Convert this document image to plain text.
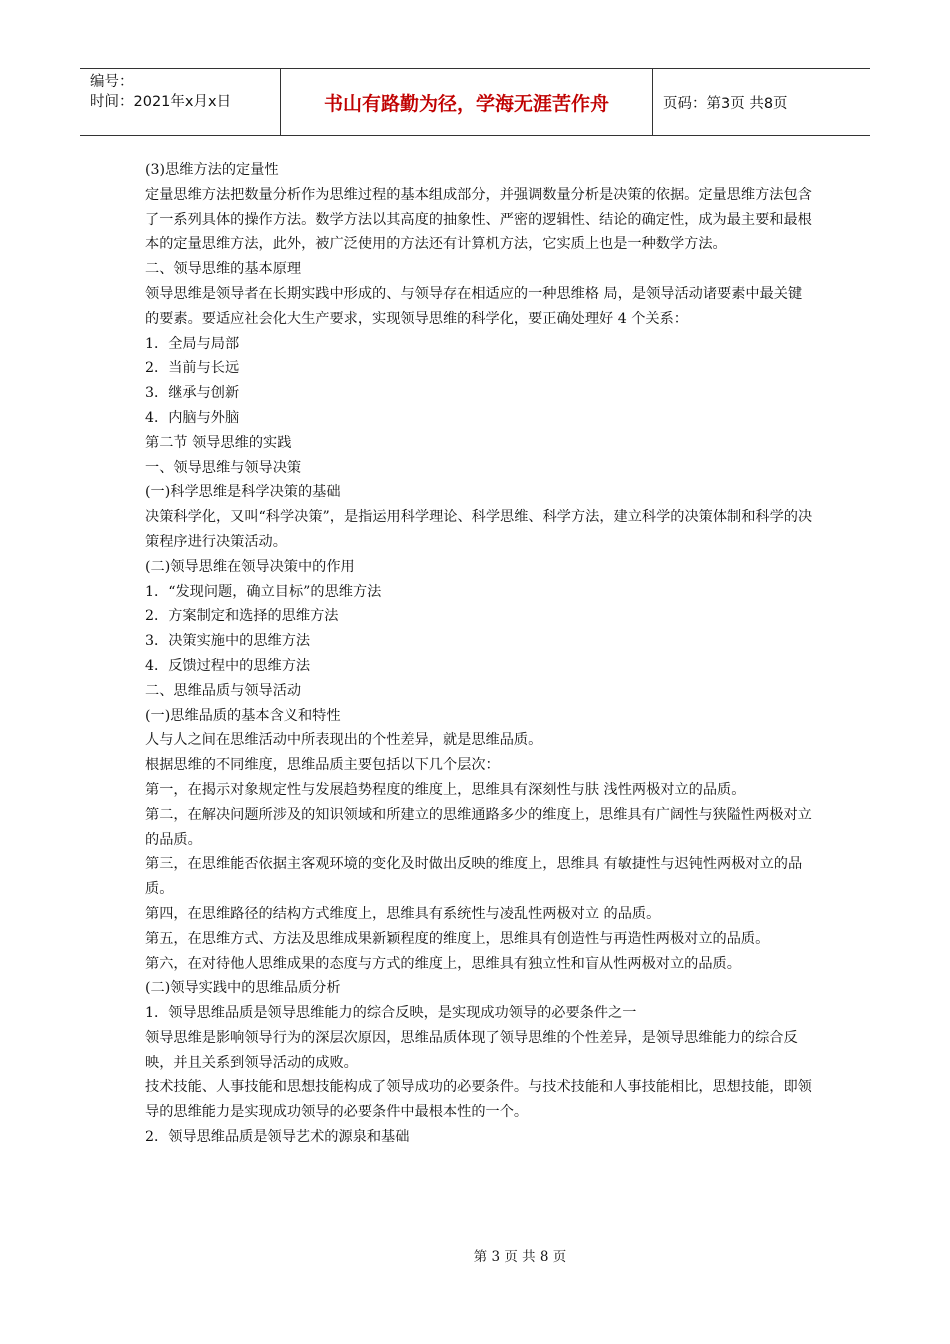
编号：
时间：2021年x月x日	书山有路勤为径，学海无涯苦作舟	页码：第3页 共8页

(3)思维方法的定量性

定量思维方法把数量分析作为思维过程的基本组成部分，并强调数量分析是决策的依据。定量思维方法包含了一系列具体的操作方法。数学方法以其高度的抽象性、严密的逻辑性、结论的确定性，成为最主要和最根本的定量思维方法，此外，被广泛使用的方法还有计算机方法，它实质上也是一种数学方法。

二、领导思维的基本原理

领导思维是领导者在长期实践中形成的、与领导存在相适应的一种思维格 局，是领导活动诸要素中最关键的要素。要适应社会化大生产要求，实现领导思维的科学化，要正确处理好 4 个关系：

1．全局与局部

2．当前与长远

3．继承与创新

4．内脑与外脑

第二节 领导思维的实践

一、领导思维与领导决策

(一)科学思维是科学决策的基础

决策科学化，又叫“科学决策”，是指运用科学理论、科学思维、科学方法，建立科学的决策体制和科学的决策程序进行决策活动。

(二)领导思维在领导决策中的作用

1．“发现问题，确立目标”的思维方法

2．方案制定和选择的思维方法

3．决策实施中的思维方法

4．反馈过程中的思维方法

二、思维品质与领导活动

(一)思维品质的基本含义和特性

人与人之间在思维活动中所表现出的个性差异，就是思维品质。

根据思维的不同维度，思维品质主要包括以下几个层次：

第一，在揭示对象规定性与发展趋势程度的维度上，思维具有深刻性与肤 浅性两极对立的品质。

第二，在解决问题所涉及的知识领域和所建立的思维通路多少的维度上，思维具有广阔性与狭隘性两极对立的品质。

第三，在思维能否依据主客观环境的变化及时做出反映的维度上，思维具 有敏捷性与迟钝性两极对立的品质。

第四，在思维路径的结构方式维度上，思维具有系统性与凌乱性两极对立 的品质。

第五，在思维方式、方法及思维成果新颖程度的维度上，思维具有创造性与再造性两极对立的品质。

第六，在对待他人思维成果的态度与方式的维度上，思维具有独立性和盲从性两极对立的品质。

(二)领导实践中的思维品质分析

1．领导思维品质是领导思维能力的综合反映，是实现成功领导的必要条件之一

领导思维是影响领导行为的深层次原因，思维品质体现了领导思维的个性差异，是领导思维能力的综合反映，并且关系到领导活动的成败。

技术技能、人事技能和思想技能构成了领导成功的必要条件。与技术技能和人事技能相比，思想技能，即领导的思维能力是实现成功领导的必要条件中最根本性的一个。

2．领导思维品质是领导艺术的源泉和基础

第 3 页 共 8 页
